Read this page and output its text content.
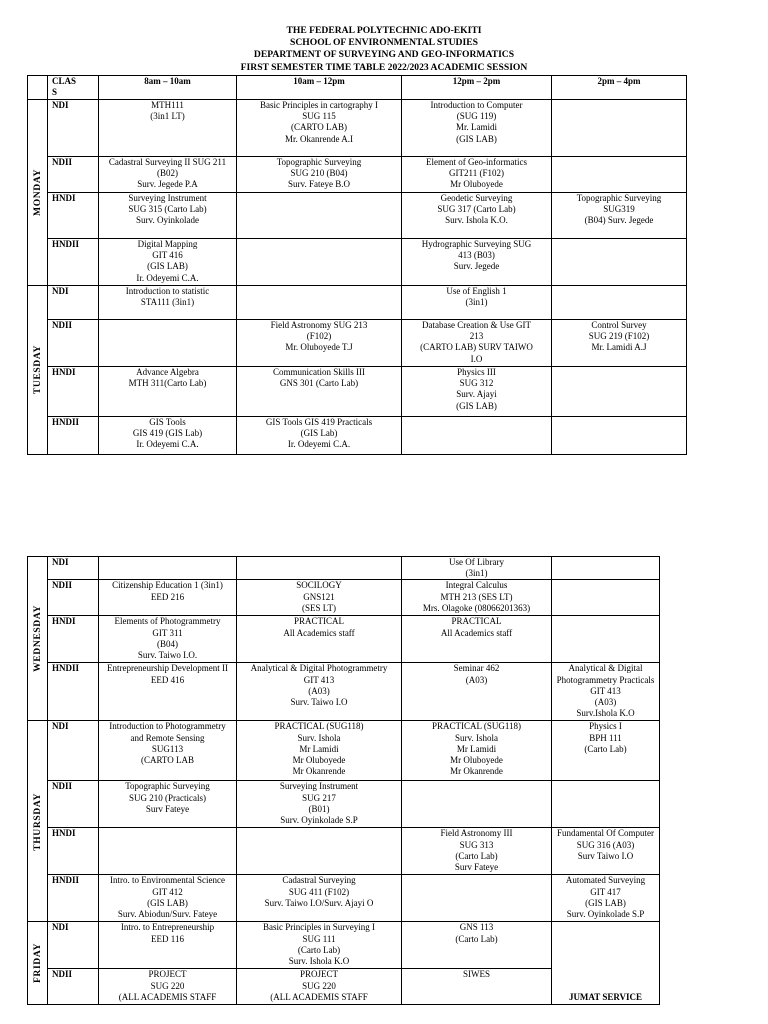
THE FEDERAL POLYTECHNIC ADO-EKITI
SCHOOL OF ENVIRONMENTAL STUDIES
DEPARTMENT OF SURVEYING AND GEO-INFORMATICS
FIRST SEMESTER TIME TABLE 2022/2023 ACADEMIC SESSION
	CLAS
S	8am – 10am	10am – 12pm	12pm – 2pm	2pm – 4pm

MONDAY	NDI	MTH111
(3in1 LT)	Basic Principles in cartography I
SUG 115
(CARTO LAB)
Mr. Okanrende A.I	Introduction to Computer
(SUG 119)
Mr. Lamidi
(GIS LAB)	
	NDII	Cadastral Surveying II SUG 211
(B02)
Surv. Jegede P.A	Topographic Surveying
SUG 210 (B04)
Surv. Fateye B.O	Element of Geo-informatics
GIT211 (F102)
Mr Oluboyede	
	HNDI	Surveying Instrument
SUG 315 (Carto Lab)
Surv. Oyinkolade		Geodetic Surveying
SUG 317 (Carto Lab)
Surv. Ishola K.O.	Topographic Surveying
SUG319
(B04) Surv. Jegede
	HNDII	Digital Mapping
GIT 416
(GIS LAB)
Ir. Odeyemi C.A.		Hydrographic Surveying SUG
413 (B03)
Surv. Jegede	

TUESDAY	NDI	Introduction to statistic
STA111 (3in1)		Use of English 1
(3in1)	
	NDII		Field Astronomy SUG 213
(F102)
Mr. Oluboyede T.J	Database Creation & Use GIT
213
(CARTO LAB) SURV TAIWO
I.O	Control Survey
SUG 219 (F102)
Mr. Lamidi A.J
	HNDI	Advance Algebra
MTH 311(Carto Lab)	Communication Skills III
GNS 301 (Carto Lab)	Physics III
SUG 312
Surv. Ajayi
(GIS LAB)	
	HNDII	GIS Tools
GIS 419 (GIS Lab)
Ir. Odeyemi C.A.	GIS Tools GIS 419 Practicals
(GIS Lab)
Ir. Odeyemi C.A.		
WEDNESDAY	NDI			Use Of Library
(3in1)	
	NDII	Citizenship Education 1 (3in1)
EED 216	SOCILOGY
GNS121
(SES LT)	Integral Calculus
MTH 213 (SES LT)
Mrs. Olagoke (08066201363)	
	HNDI	Elements of Photogrammetry
GIT 311
(B04)
Surv. Taiwo I.O.	PRACTICAL
All Academics staff	PRACTICAL
All Academics staff	
	HNDII	Entrepreneurship Development II
EED 416	Analytical & Digital Photogrammetry
GIT 413
(A03)
Surv. Taiwo I.O	Seminar 462
(A03)	Analytical & Digital
Photogrammetry Practicals
GIT 413
(A03)
Surv.Ishola K.O

THURSDAY	NDI	Introduction to Photogrammetry
and Remote Sensing
SUG113
(CARTO LAB	PRACTICAL (SUG118)
Surv. Ishola
Mr Lamidi
Mr Oluboyede
Mr Okanrende	PRACTICAL (SUG118)
Surv. Ishola
Mr Lamidi
Mr Oluboyede
Mr Okanrende	Physics I
BPH 111
(Carto Lab)
	NDII	Topographic Surveying
SUG 210 (Practicals)
Surv Fateye	Surveying Instrument
SUG 217
(B01)
Surv. Oyinkolade S.P		
	HNDI			Field Astronomy III
SUG 313
(Carto Lab)
Surv Fateye	Fundamental Of Computer
SUG 316 (A03)
Surv Taiwo I.O
	HNDII	Intro. to Environmental Science
GIT 412
(GIS LAB)
Surv. Abiodun/Surv. Fateye	Cadastral Surveying
SUG 411 (F102)
Surv. Taiwo I.O/Surv. Ajayi O		Automated Surveying
GIT 417
(GIS LAB)
Surv. Oyinkolade S.P

FRIDAY	NDI	Intro. to Entrepreneurship
EED 116	Basic Principles in Surveying I
SUG 111
(Carto Lab)
Surv. Ishola K.O	GNS 113
(Carto Lab)	JUMAT SERVICE
	NDII	PROJECT
SUG 220
(ALL ACADEMIS STAFF	PROJECT
SUG 220
(ALL ACADEMIS STAFF	SIWES	
